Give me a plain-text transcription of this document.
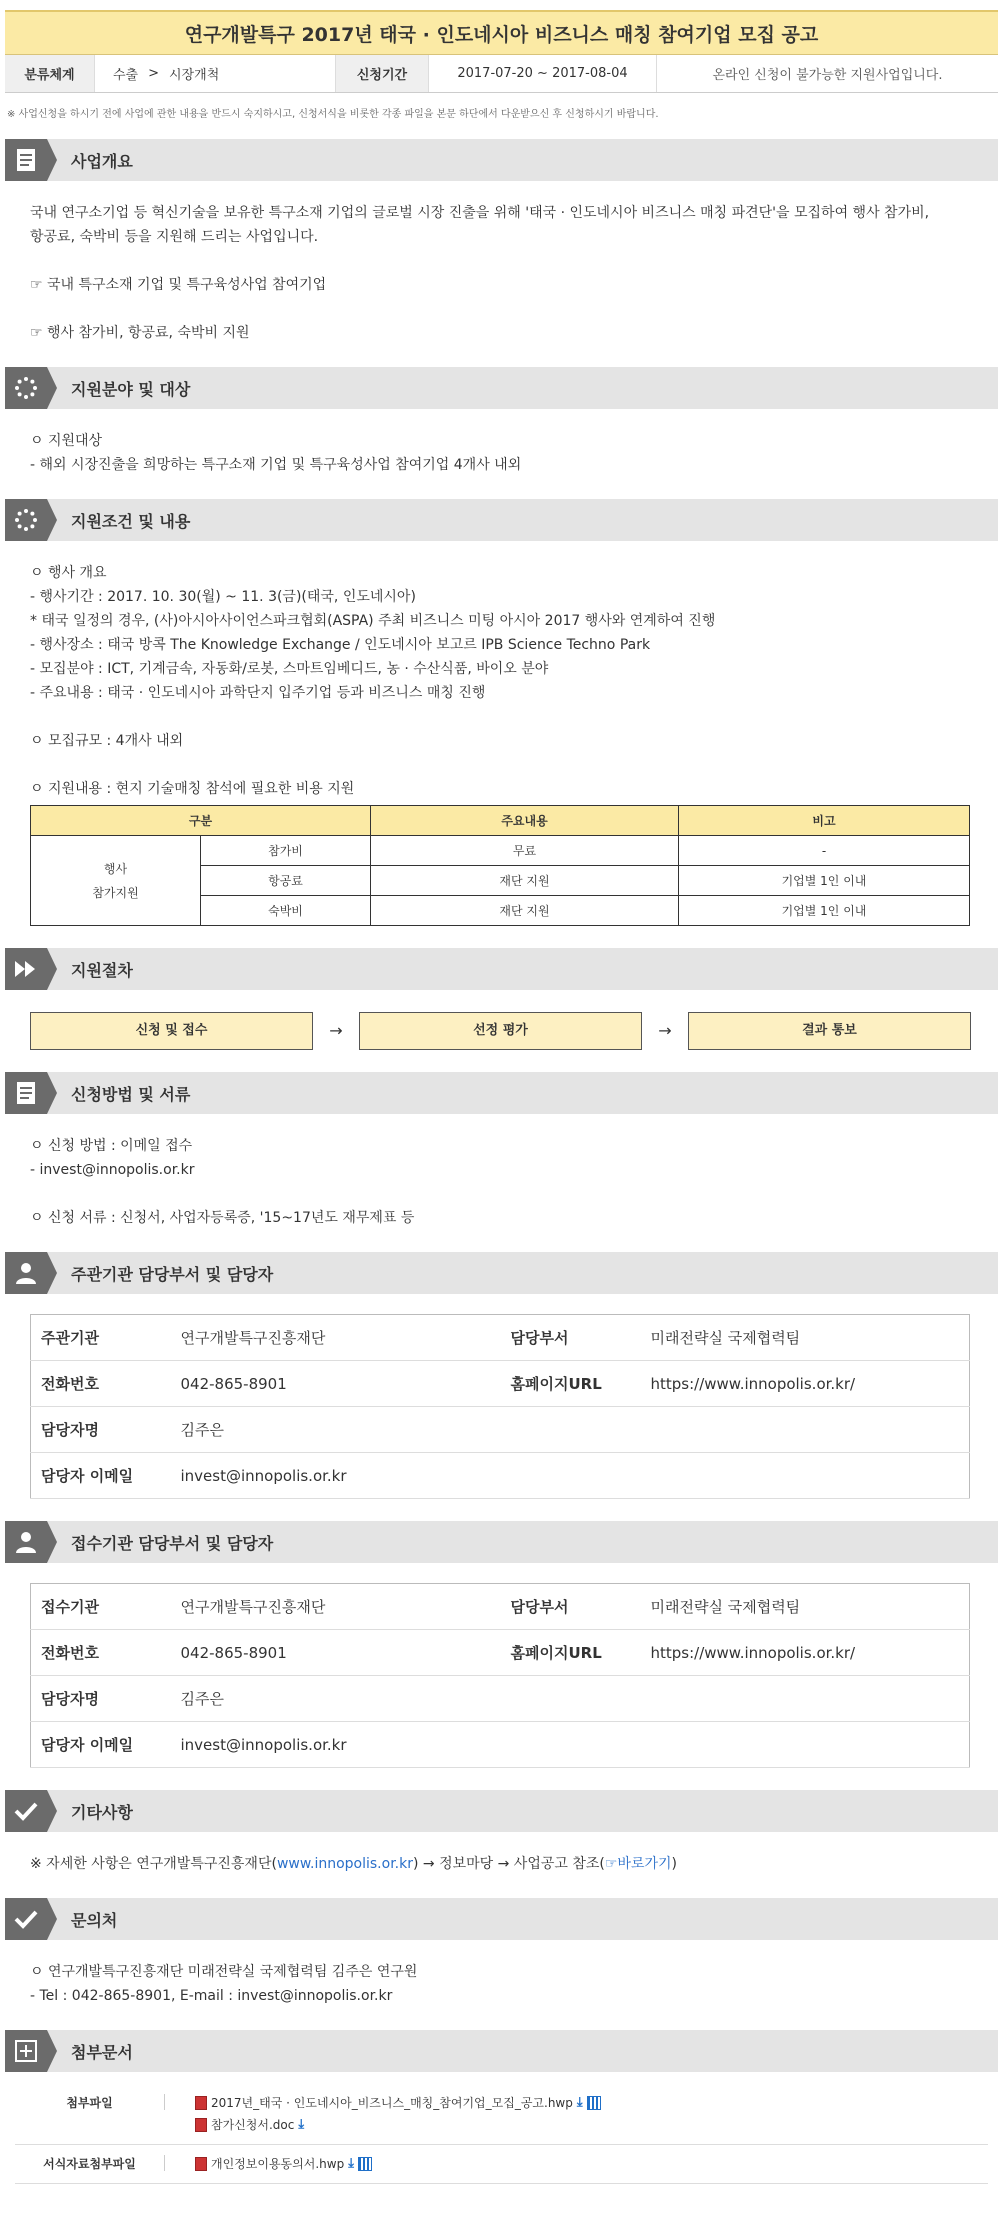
연구개발특구 2017년 태국 · 인도네시아 비즈니스 매칭 참여기업 모집 공고
분류체계	수출 > 시장개척	신청기간	2017-07-20 ~ 2017-08-04	온라인 신청이 불가능한 지원사업입니다.
※ 사업신청을 하시기 전에 사업에 관한 내용을 반드시 숙지하시고, 신청서식을 비롯한 각종 파일을 본문 하단에서 다운받으신 후 신청하시기 바랍니다.
사업개요
국내 연구소기업 등 혁신기술을 보유한 특구소재 기업의 글로벌 시장 진출을 위해 '태국 · 인도네시아 비즈니스 매칭 파견단'을 모집하여 행사 참가비,
항공료, 숙박비 등을 지원해 드리는 사업입니다.
☞ 국내 특구소재 기업 및 특구육성사업 참여기업
☞ 행사 참가비, 항공료, 숙박비 지원
지원분야 및 대상
ㅇ 지원대상
- 해외 시장진출을 희망하는 특구소재 기업 및 특구육성사업 참여기업 4개사 내외
지원조건 및 내용
ㅇ 행사 개요
- 행사기간 : 2017. 10. 30(월) ~ 11. 3(금)(태국, 인도네시아)
* 태국 일정의 경우, (사)아시아사이언스파크협회(ASPA) 주최 비즈니스 미팅 아시아 2017 행사와 연계하여 진행
- 행사장소 : 태국 방콕 The Knowledge Exchange / 인도네시아 보고르 IPB Science Techno Park
- 모집분야 : ICT, 기계금속, 자동화/로봇, 스마트임베디드, 농 · 수산식품, 바이오 분야
- 주요내용 : 태국 · 인도네시아 과학단지 입주기업 등과 비즈니스 매칭 진행
ㅇ 모집규모 : 4개사 내외
ㅇ 지원내용 : 현지 기술매칭 참석에 필요한 비용 지원
구분		주요내용	비고

행사
참가지원	참가비	무료	-
	항공료	재단 지원	기업별 1인 이내
	숙박비	재단 지원	기업별 1인 이내
지원절차
신청 및 접수	→	선정 평가	→	결과 통보
신청방법 및 서류
ㅇ 신청 방법 : 이메일 접수
- invest@innopolis.or.kr
ㅇ 신청 서류 : 신청서, 사업자등록증, '15~17년도 재무제표 등
주관기관 담당부서 및 담당자
주관기관	연구개발특구진흥재단	담당부서	미래전략실 국제협력팀
전화번호	042-865-8901	홈페이지URL	https://www.innopolis.or.kr/
담당자명	김주은		
담당자 이메일	invest@innopolis.or.kr		
접수기관 담당부서 및 담당자
접수기관	연구개발특구진흥재단	담당부서	미래전략실 국제협력팀
전화번호	042-865-8901	홈페이지URL	https://www.innopolis.or.kr/
담당자명	김주은		
담당자 이메일	invest@innopolis.or.kr		
기타사항
※ 자세한 사항은 연구개발특구진흥재단(www.innopolis.or.kr) → 정보마당 → 사업공고 참조(☞바로가기)
문의처
ㅇ 연구개발특구진흥재단 미래전략실 국제협력팀 김주은 연구원
- Tel : 042-865-8901, E-mail : invest@innopolis.or.kr
첨부문서
첨부파일	2017년_태국 · 인도네시아_비즈니스_매칭_참여기업_모집_공고.hwp ⤓
참가신청서.doc ⤓
서식자료첨부파일	개인정보이용동의서.hwp ⤓
